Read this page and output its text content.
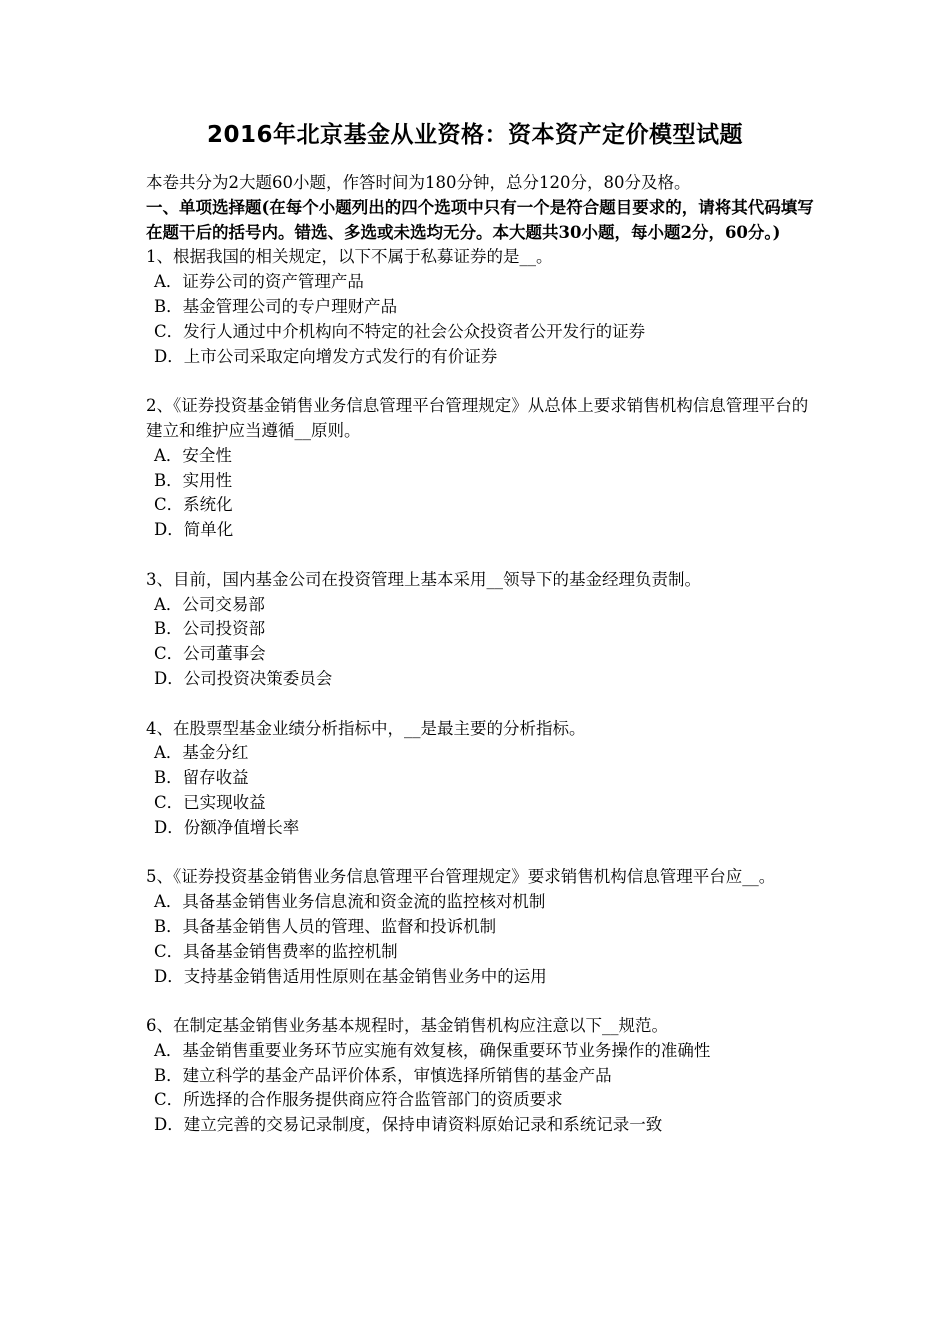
2016年北京基金从业资格：资本资产定价模型试题
本卷共分为2大题60小题，作答时间为180分钟，总分120分，80分及格。
一、单项选择题(在每个小题列出的四个选项中只有一个是符合题目要求的，请将其代码填写在题干后的括号内。错选、多选或未选均无分。本大题共30小题，每小题2分，60分。)
1、根据我国的相关规定，以下不属于私募证券的是__。
A．证券公司的资产管理产品
B．基金管理公司的专户理财产品
C．发行人通过中介机构向不特定的社会公众投资者公开发行的证券
D．上市公司采取定向增发方式发行的有价证券
2、《证券投资基金销售业务信息管理平台管理规定》从总体上要求销售机构信息管理平台的建立和维护应当遵循__原则。
A．安全性
B．实用性
C．系统化
D．简单化
3、目前，国内基金公司在投资管理上基本采用__领导下的基金经理负责制。
A．公司交易部
B．公司投资部
C．公司董事会
D．公司投资决策委员会
4、在股票型基金业绩分析指标中，__是最主要的分析指标。
A．基金分红
B．留存收益
C．已实现收益
D．份额净值增长率
5、《证券投资基金销售业务信息管理平台管理规定》要求销售机构信息管理平台应__。
A．具备基金销售业务信息流和资金流的监控核对机制
B．具备基金销售人员的管理、监督和投诉机制
C．具备基金销售费率的监控机制
D．支持基金销售适用性原则在基金销售业务中的运用
6、在制定基金销售业务基本规程时，基金销售机构应注意以下__规范。
A．基金销售重要业务环节应实施有效复核，确保重要环节业务操作的准确性
B．建立科学的基金产品评价体系，审慎选择所销售的基金产品
C．所选择的合作服务提供商应符合监管部门的资质要求
D．建立完善的交易记录制度，保持申请资料原始记录和系统记录一致
